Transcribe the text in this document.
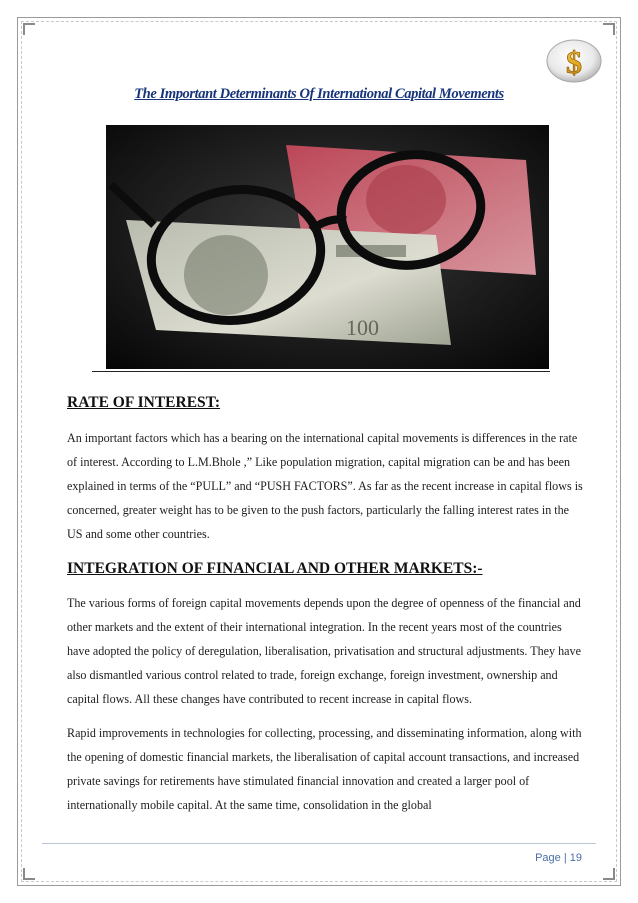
$
The Important Determinants Of International Capital Movements
100
RATE OF INTEREST:

An important factors which has a bearing on the international capital movements is differences in the rate of interest. According to L.M.Bhole ,” Like population migration, capital migration can be and has been explained in terms of the “PULL” and “PUSH FACTORS”. As far as the recent increase in capital flows is concerned, greater weight has to be given to the push factors, particularly the falling interest rates in the US and some other countries.

INTEGRATION OF FINANCIAL AND OTHER MARKETS:-

The various forms of foreign capital movements depends upon the degree of openness of the financial and other markets and the extent of their international integration. In the recent years most of the countries have adopted the policy of deregulation, liberalisation, privatisation and structural adjustments. They have also dismantled various control related to trade, foreign exchange, foreign investment, ownership and capital flows. All these changes have contributed to recent increase in capital flows.

Rapid improvements in technologies for collecting, processing, and disseminating information, along with the opening of domestic financial markets, the liberalisation of capital account transactions, and increased private savings for retirements have stimulated financial innovation and created a larger pool of internationally mobile capital. At the same time, consolidation in the global

Page | 19
